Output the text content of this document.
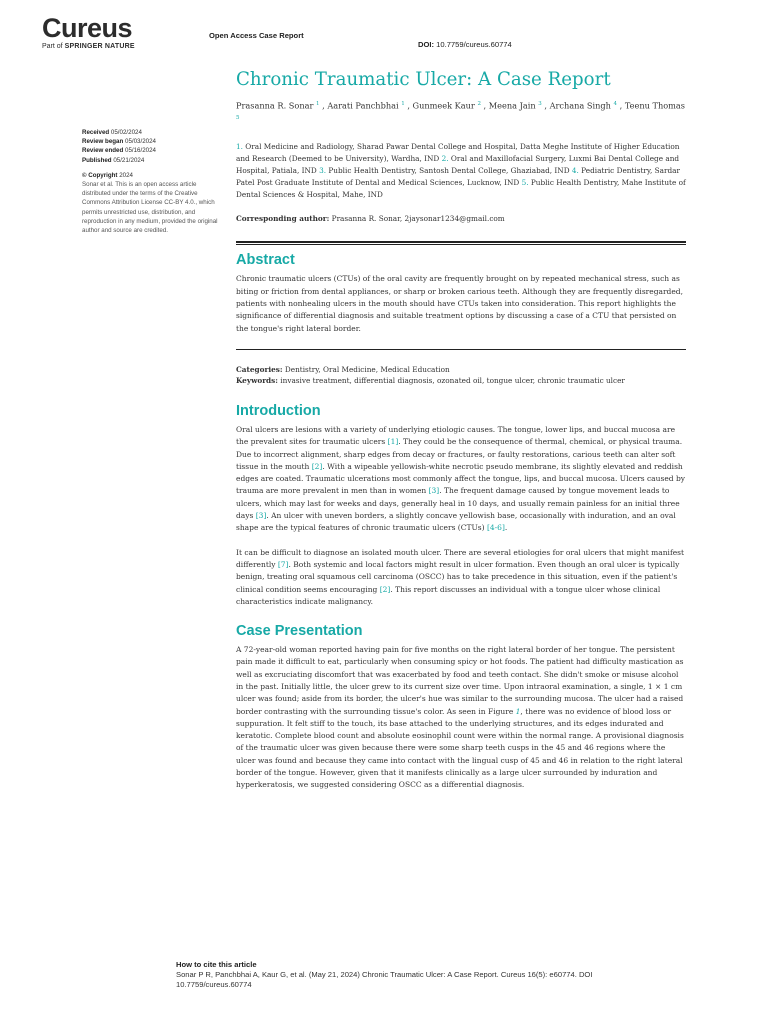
Cureus
Part of SPRINGER NATURE
Open Access Case Report
DOI: 10.7759/cureus.60774
Received 05/02/2024
Review began 05/03/2024
Review ended 05/16/2024
Published 05/21/2024
© Copyright 2024
Sonar et al. This is an open access article distributed under the terms of the Creative Commons Attribution License CC-BY 4.0., which permits unrestricted use, distribution, and reproduction in any medium, provided the original author and source are credited.
Chronic Traumatic Ulcer: A Case Report
Prasanna R. Sonar $^1$ , Aarati Panchbhai $^1$ , Gunmeek Kaur $^2$ , Meena Jain $^3$ , Archana Singh $^4$ , Teenu Thomas $^5$
1. Oral Medicine and Radiology, Sharad Pawar Dental College and Hospital, Datta Meghe Institute of Higher Education and Research (Deemed to be University), Wardha, IND 2. Oral and Maxillofacial Surgery, Luxmi Bai Dental College and Hospital, Patiala, IND 3. Public Health Dentistry, Santosh Dental College, Ghaziabad, IND 4. Pediatric Dentistry, Sardar Patel Post Graduate Institute of Dental and Medical Sciences, Lucknow, IND 5. Public Health Dentistry, Mahe Institute of Dental Sciences & Hospital, Mahe, IND
Corresponding author: Prasanna R. Sonar, 2jaysonar1234@gmail.com
Abstract
Chronic traumatic ulcers (CTUs) of the oral cavity are frequently brought on by repeated mechanical stress, such as biting or friction from dental appliances, or sharp or broken carious teeth. Although they are frequently disregarded, patients with nonhealing ulcers in the mouth should have CTUs taken into consideration. This report highlights the significance of differential diagnosis and suitable treatment options by discussing a case of a CTU that persisted on the tongue's right lateral border.
Categories: Dentistry, Oral Medicine, Medical Education
Keywords: invasive treatment, differential diagnosis, ozonated oil, tongue ulcer, chronic traumatic ulcer
Introduction
Oral ulcers are lesions with a variety of underlying etiologic causes. The tongue, lower lips, and buccal mucosa are the prevalent sites for traumatic ulcers [1]. They could be the consequence of thermal, chemical, or physical trauma. Due to incorrect alignment, sharp edges from decay or fractures, or faulty restorations, carious teeth can alter soft tissue in the mouth [2]. With a wipeable yellowish-white necrotic pseudo membrane, its slightly elevated and reddish edges are coated. Traumatic ulcerations most commonly affect the tongue, lips, and buccal mucosa. Ulcers caused by trauma are more prevalent in men than in women [3]. The frequent damage caused by tongue movement leads to ulcers, which may last for weeks and days, generally heal in 10 days, and usually remain painless for an initial three days [3]. An ulcer with uneven borders, a slightly concave yellowish base, occasionally with induration, and an oval shape are the typical features of chronic traumatic ulcers (CTUs) [4-6].
It can be difficult to diagnose an isolated mouth ulcer. There are several etiologies for oral ulcers that might manifest differently [7]. Both systemic and local factors might result in ulcer formation. Even though an oral ulcer is typically benign, treating oral squamous cell carcinoma (OSCC) has to take precedence in this situation, even if the patient's clinical condition seems encouraging [2]. This report discusses an individual with a tongue ulcer whose clinical characteristics indicate malignancy.
Case Presentation
A 72-year-old woman reported having pain for five months on the right lateral border of her tongue. The persistent pain made it difficult to eat, particularly when consuming spicy or hot foods. The patient had difficulty mastication as well as excruciating discomfort that was exacerbated by food and teeth contact. She didn't smoke or misuse alcohol in the past. Initially little, the ulcer grew to its current size over time. Upon intraoral examination, a single, 1 × 1 cm ulcer was found; aside from its border, the ulcer's hue was similar to the surrounding mucosa. The ulcer had a raised border contrasting with the surrounding tissue's color. As seen in Figure 1, there was no evidence of blood loss or suppuration. It felt stiff to the touch, its base attached to the underlying structures, and its edges indurated and keratotic. Complete blood count and absolute eosinophil count were within the normal range. A provisional diagnosis of the traumatic ulcer was given because there were some sharp teeth cusps in the 45 and 46 regions where the ulcer was found and because they came into contact with the lingual cusp of 45 and 46 in relation to the right lateral border of the tongue. However, given that it manifests clinically as a large ulcer surrounded by induration and hyperkeratosis, we suggested considering OSCC as a differential diagnosis.
How to cite this article
Sonar P R, Panchbhai A, Kaur G, et al. (May 21, 2024) Chronic Traumatic Ulcer: A Case Report. Cureus 16(5): e60774. DOI 10.7759/cureus.60774
